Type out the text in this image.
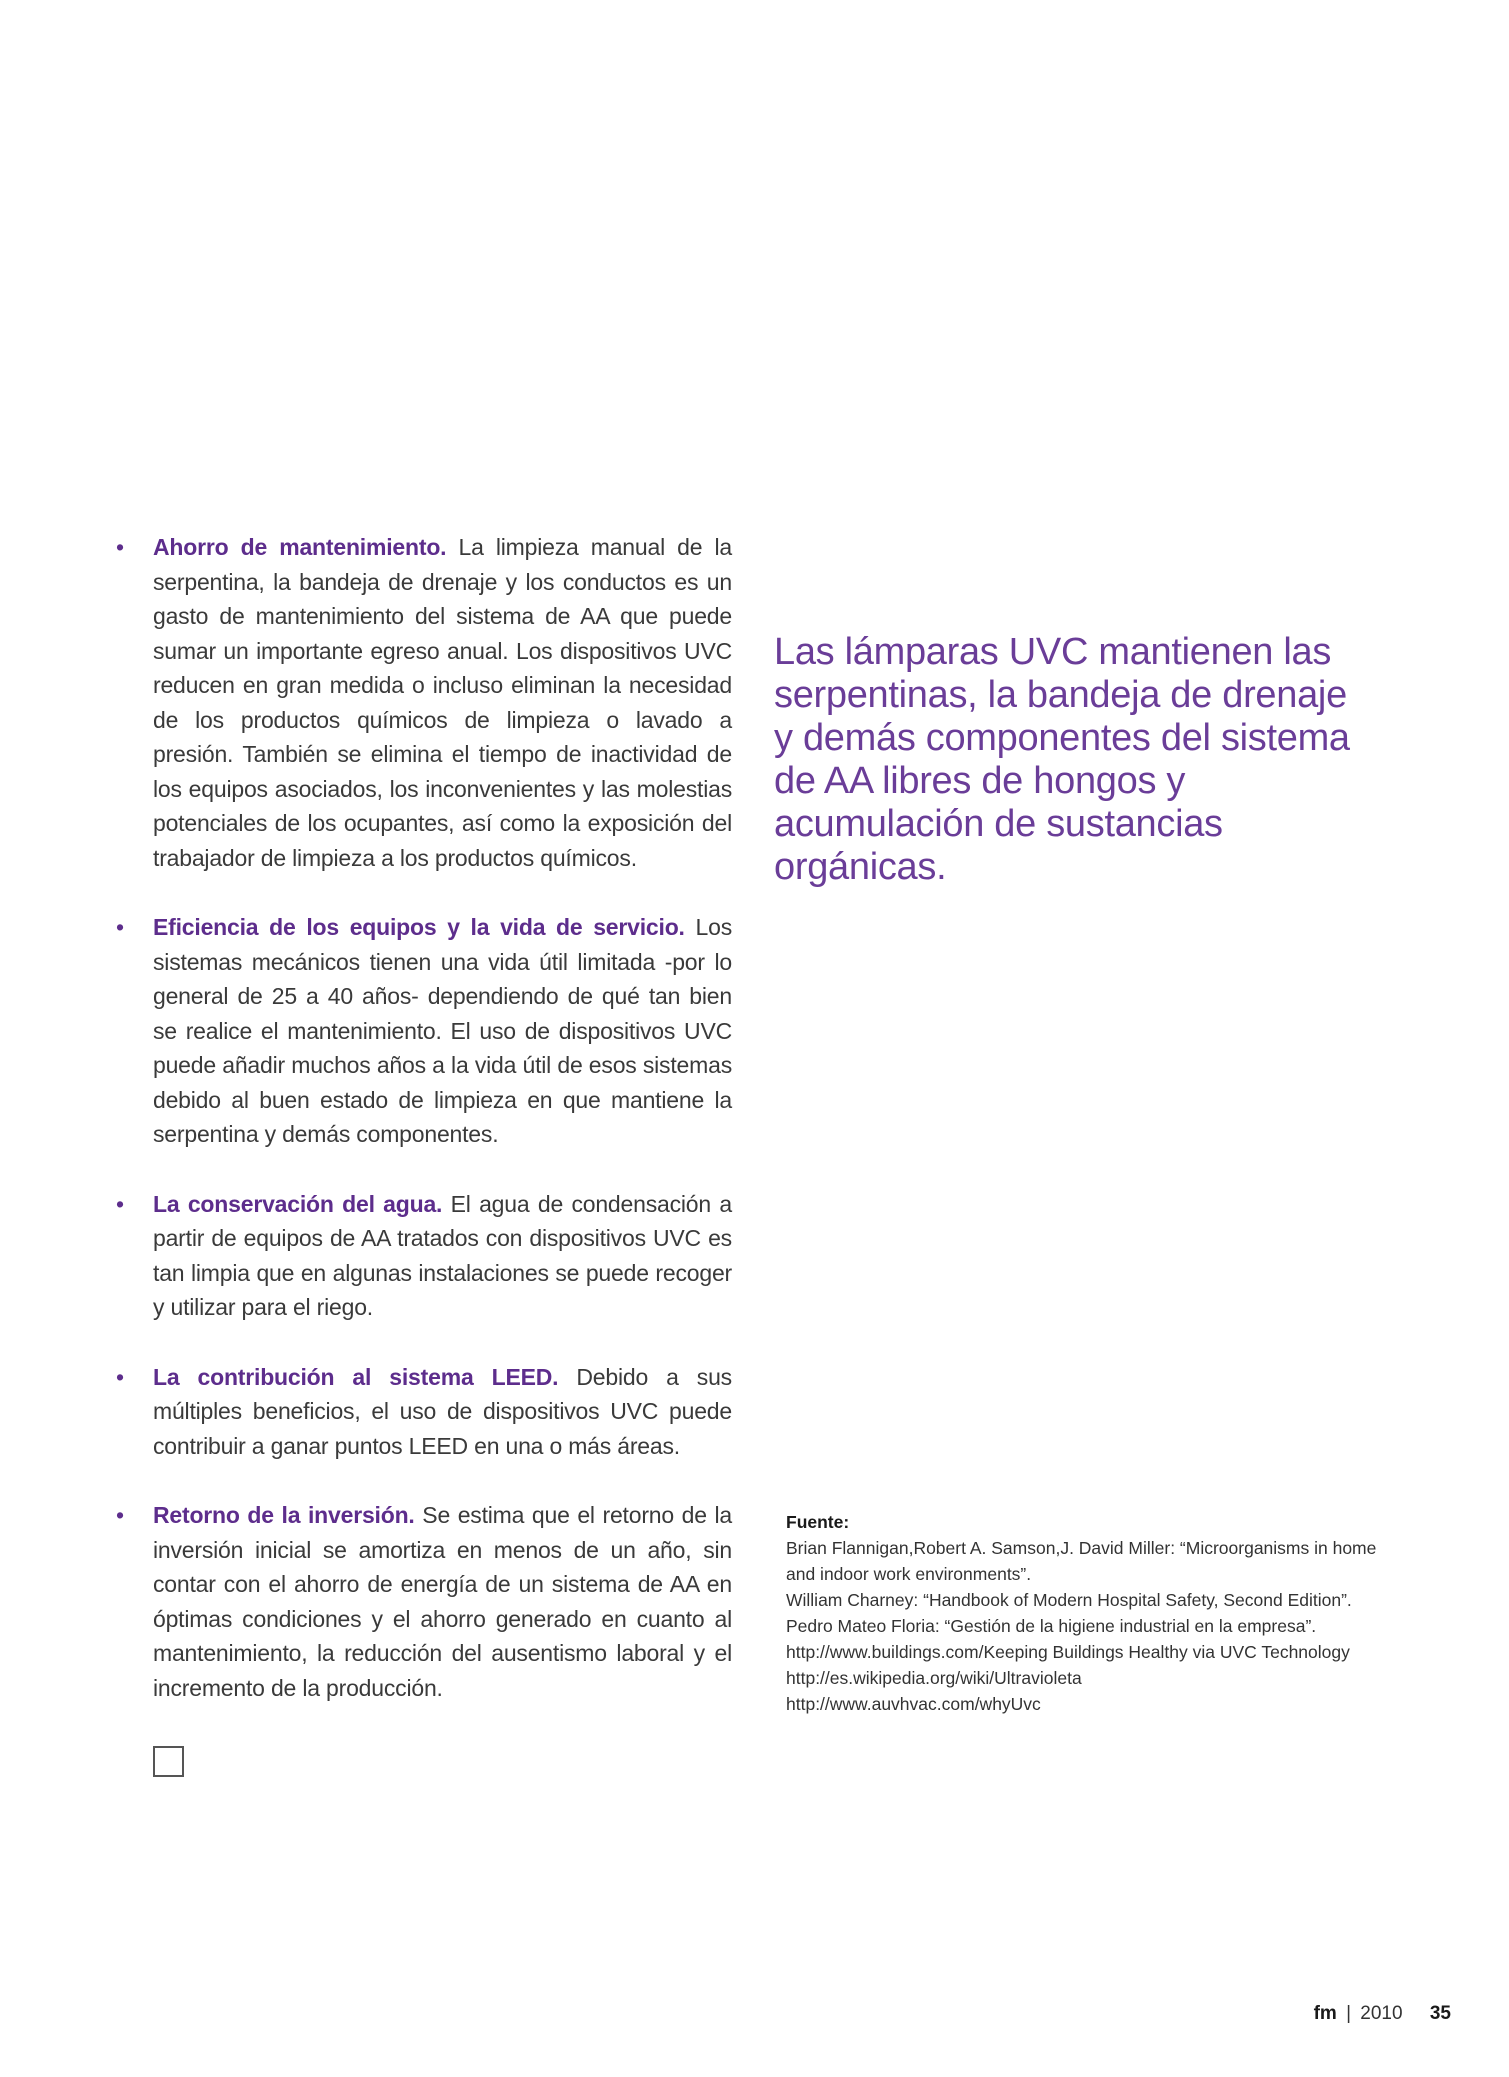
• Ahorro de mantenimiento. La limpieza manual de la serpentina, la bandeja de drenaje y los conductos es un gasto de mantenimiento del sistema de AA que puede sumar un importante egreso anual. Los dispositivos UVC reducen en gran medida o incluso eliminan la necesidad de los productos químicos de limpieza o lavado a presión. También se elimina el tiempo de inactividad de los equipos asociados, los inconvenientes y las molestias potenciales de los ocupantes, así como la exposición del trabajador de limpieza a los productos químicos.
• Eficiencia de los equipos y la vida de servicio. Los sistemas mecánicos tienen una vida útil limitada -por lo general de 25 a 40 años- dependiendo de qué tan bien se realice el mantenimiento. El uso de dispositivos UVC puede añadir muchos años a la vida útil de esos sistemas debido al buen estado de limpieza en que mantiene la serpentina y demás componentes.
• La conservación del agua. El agua de condensación a partir de equipos de AA tratados con dispositivos UVC es tan limpia que en algunas instalaciones se puede recoger y utilizar para el riego.
• La contribución al sistema LEED. Debido a sus múltiples beneficios, el uso de dispositivos UVC puede contribuir a ganar puntos LEED en una o más áreas.
• Retorno de la inversión. Se estima que el retorno de la inversión inicial se amortiza en menos de un año, sin contar con el ahorro de energía de un sistema de AA en óptimas condiciones y el ahorro generado en cuanto al mantenimiento, la reducción del ausentismo laboral y el incremento de la producción.
Las lámparas UVC mantienen las serpentinas, la bandeja de drenaje y demás componentes del sistema de AA libres de hongos y acumulación de sustancias orgánicas.
Fuente:
Brian Flannigan,Robert A. Samson,J. David Miller: “Microorganisms in home and indoor work environments”.
William Charney: “Handbook of Modern Hospital Safety, Second Edition”.
Pedro Mateo Floria: “Gestión de la higiene industrial en la empresa”.
http://www.buildings.com/Keeping Buildings Healthy via UVC Technology
http://es.wikipedia.org/wiki/Ultravioleta
http://www.auvhvac.com/whyUvc
fm | 2010 35
